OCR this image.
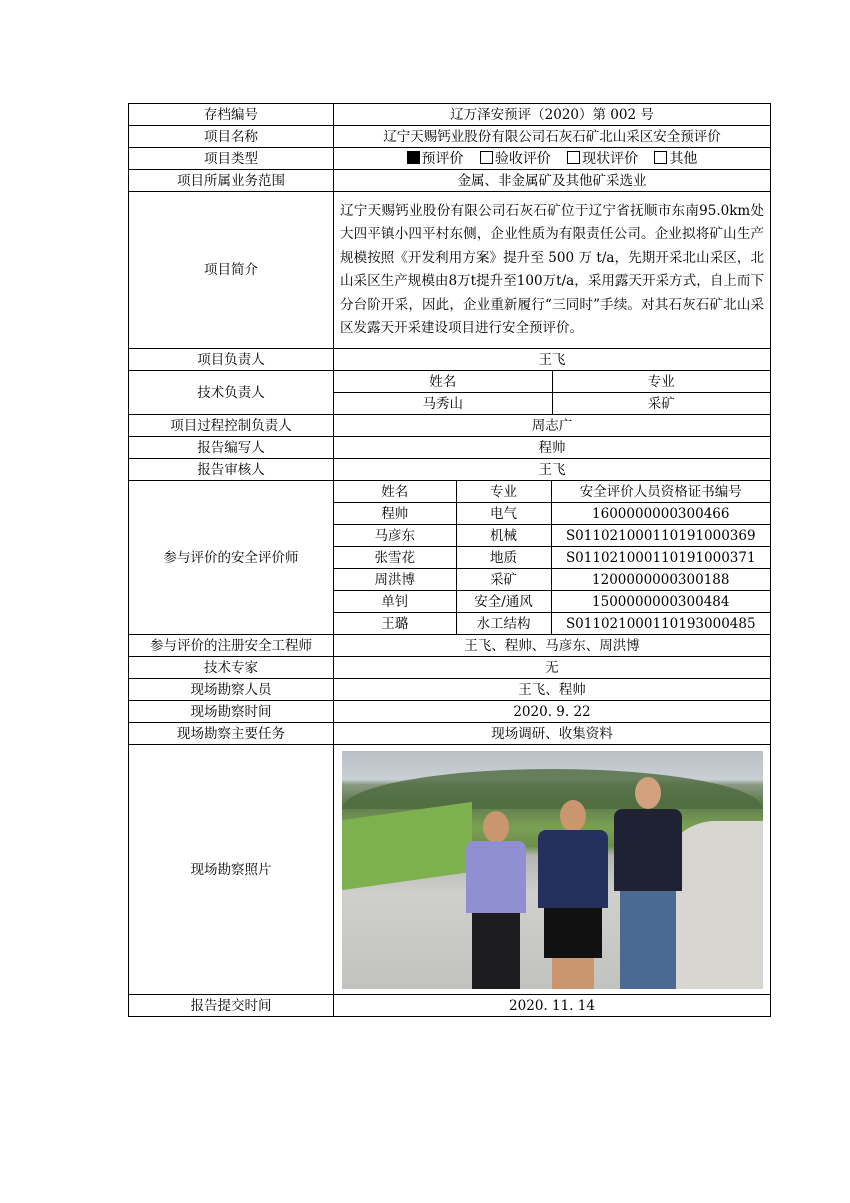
存档编号	辽万泽安预评（2020）第 002 号
项目名称	辽宁天赐钙业股份有限公司石灰石矿北山采区安全预评价
项目类型	预评价 验收评价 现状评价 其他
项目所属业务范围	金属、非金属矿及其他矿采选业
项目简介	辽宁天赐钙业股份有限公司石灰石矿位于辽宁省抚顺市东南95.0km处大四平镇小四平村东侧，企业性质为有限责任公司。企业拟将矿山生产规模按照《开发利用方案》提升至 500 万 t/a，先期开采北山采区，北山采区生产规模由8万t提升至100万t/a，采用露天开采方式，自上而下分台阶开采，因此，企业重新履行“三同时”手续。对其石灰石矿北山采区发露天开采建设项目进行安全预评价。
项目负责人	王飞
技术负责人	
姓名	专业
马秀山	采矿

项目过程控制负责人	周志广
报告编写人	程帅
报告审核人	王飞
参与评价的安全评价师	
姓名	专业	安全评价人员资格证书编号
程帅	电气	1600000000300466
马彦东	机械	S011021000110191000369
张雪花	地质	S011021000110191000371
周洪博	采矿	1200000000300188
单钊	安全/通风	1500000000300484
王璐	水工结构	S011021000110193000485

参与评价的注册安全工程师	王飞、程帅、马彦东、周洪博
技术专家	无
现场勘察人员	王飞、程帅
现场勘察时间	2020. 9. 22
现场勘察主要任务	现场调研、收集资料
现场勘察照片	

报告提交时间	2020. 11. 14
